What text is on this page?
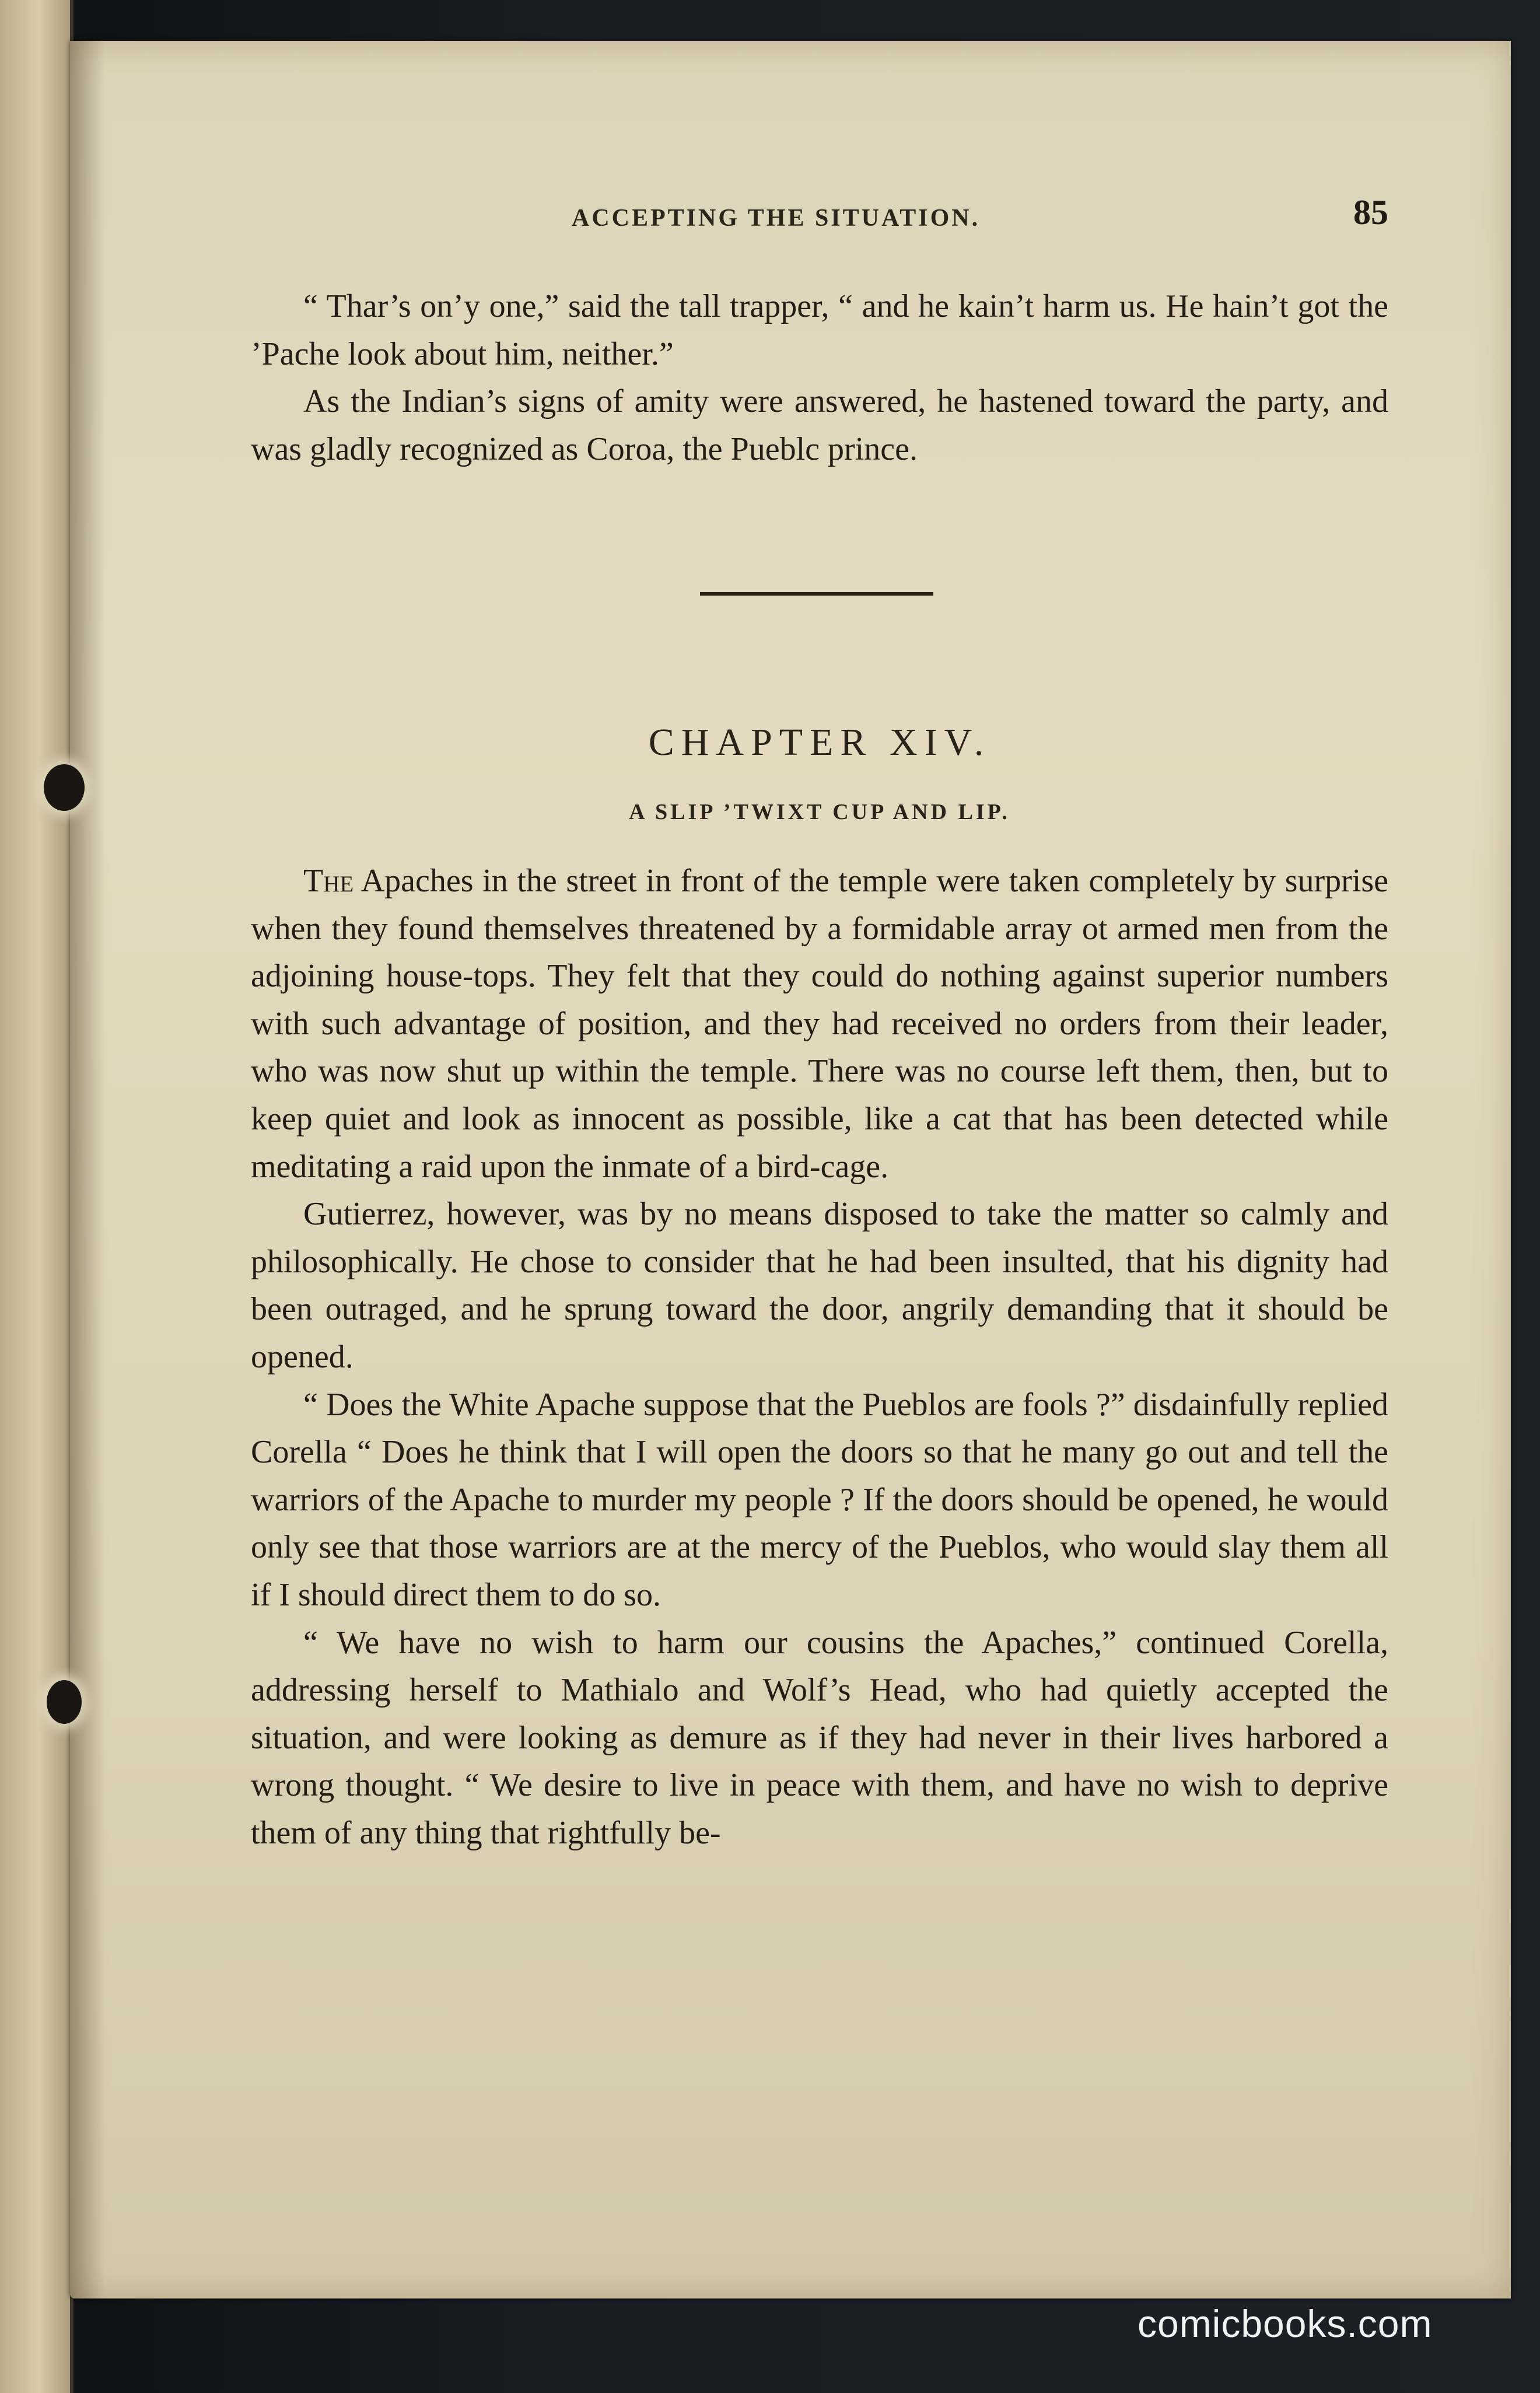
ACCEPTING THE SITUATION.	85

“ Thar’s on’y one,” said the tall trapper, “ and he kain’t harm us. He hain’t got the ’Pache look about him, neither.”

As the Indian’s signs of amity were answered, he hastened toward the party, and was gladly recognized as Coroa, the Pueblc prince.

CHAPTER XIV.
A SLIP ’TWIXT CUP AND LIP.

The Apaches in the street in front of the temple were taken completely by surprise when they found themselves threatened by a formidable array ot armed men from the adjoining house-tops. They felt that they could do nothing against superior numbers with such advantage of position, and they had received no orders from their leader, who was now shut up within the temple. There was no course left them, then, but to keep quiet and look as innocent as possible, like a cat that has been detected while meditating a raid upon the inmate of a bird-cage.

Gutierrez, however, was by no means disposed to take the matter so calmly and philosophically. He chose to consider that he had been insulted, that his dignity had been outraged, and he sprung toward the door, angrily demanding that it should be opened.

“ Does the White Apache suppose that the Pueblos are fools ?” disdainfully replied Corella “ Does he think that I will open the doors so that he many go out and tell the warriors of the Apache to murder my people ? If the doors should be opened, he would only see that those warriors are at the mercy of the Pueblos, who would slay them all if I should direct them to do so.

“ We have no wish to harm our cousins the Apaches,” continued Corella, addressing herself to Mathialo and Wolf’s Head, who had quietly accepted the situation, and were looking as demure as if they had never in their lives harbored a wrong thought. “ We desire to live in peace with them, and have no wish to deprive them of any thing that rightfully be-

comicbooks.com
